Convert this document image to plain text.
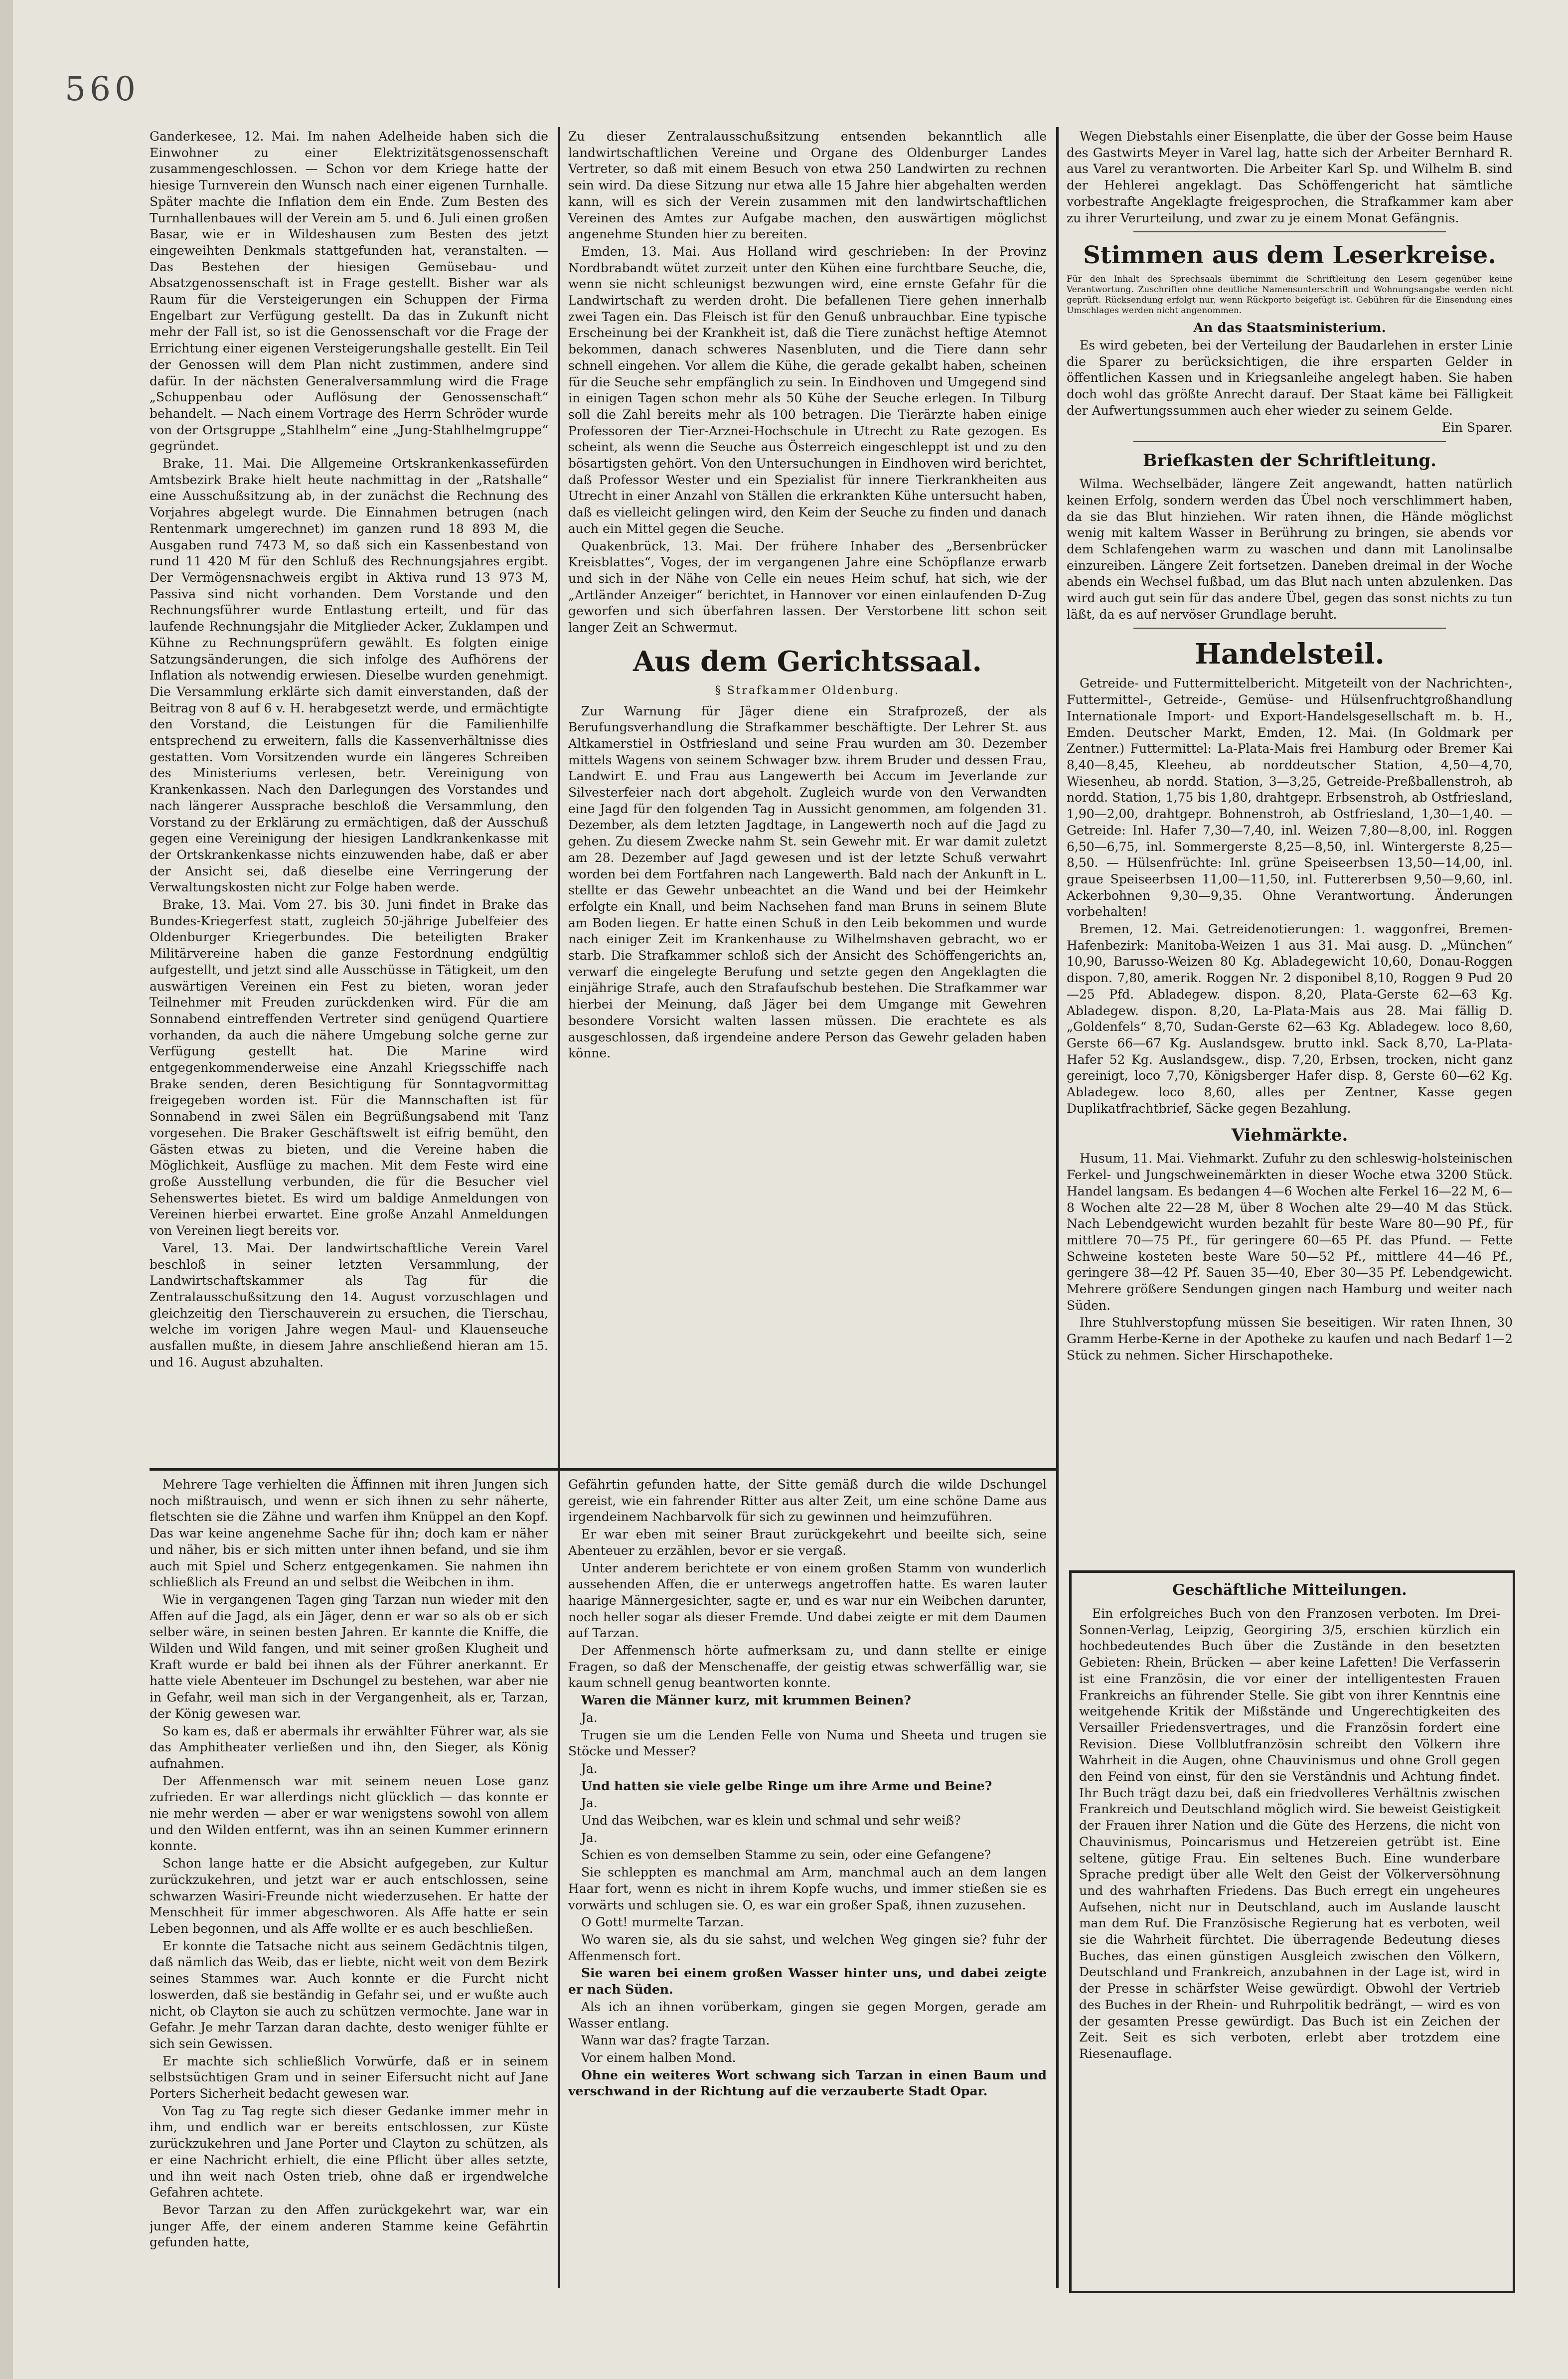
560

Ganderkesee, 12. Mai. Im nahen Adelheide haben sich die Einwohner zu einer Elektrizitätsgenossenschaft zusammengeschlossen. — Schon vor dem Kriege hatte der hiesige Turnverein den Wunsch nach einer eigenen Turnhalle. Später machte die Inflation dem ein Ende. Zum Besten des Turnhallenbaues will der Verein am 5. und 6. Juli einen großen Basar, wie er in Wildeshausen zum Besten des jetzt eingeweihten Denkmals stattgefunden hat, veranstalten. — Das Bestehen der hiesigen Gemüsebau- und Absatzgenossenschaft ist in Frage gestellt. Bisher war als Raum für die Versteigerungen ein Schuppen der Firma Engelbart zur Verfügung gestellt. Da das in Zukunft nicht mehr der Fall ist, so ist die Genossenschaft vor die Frage der Errichtung einer eigenen Versteigerungshalle gestellt. Ein Teil der Genossen will dem Plan nicht zustimmen, andere sind dafür. In der nächsten Generalversammlung wird die Frage „Schuppenbau oder Auflösung der Genossenschaft“ behandelt. — Nach einem Vortrage des Herrn Schröder wurde von der Ortsgruppe „Stahlhelm“ eine „Jung-Stahlhelmgruppe“ gegründet.

Brake, 11. Mai. Die Allgemeine Ortskrankenkassefürden Amtsbezirk Brake hielt heute nachmittag in der „Ratshalle“ eine Ausschußsitzung ab, in der zunächst die Rechnung des Vorjahres abgelegt wurde. Die Einnahmen betrugen (nach Rentenmark umgerechnet) im ganzen rund 18 893 M, die Ausgaben rund 7473 M, so daß sich ein Kassenbestand von rund 11 420 M für den Schluß des Rechnungsjahres ergibt. Der Vermögensnachweis ergibt in Aktiva rund 13 973 M, Passiva sind nicht vorhanden. Dem Vorstande und den Rechnungsführer wurde Entlastung erteilt, und für das laufende Rechnungsjahr die Mitglieder Acker, Zuklampen und Kühne zu Rechnungsprüfern gewählt. Es folgten einige Satzungsänderungen, die sich infolge des Aufhörens der Inflation als notwendig erwiesen. Dieselbe wurden genehmigt. Die Versammlung erklärte sich damit einverstanden, daß der Beitrag von 8 auf 6 v. H. herabgesetzt werde, und ermächtigte den Vorstand, die Leistungen für die Familienhilfe entsprechend zu erweitern, falls die Kassenverhältnisse dies gestatten. Vom Vorsitzenden wurde ein längeres Schreiben des Ministeriums verlesen, betr. Vereinigung von Krankenkassen. Nach den Darlegungen des Vorstandes und nach längerer Aussprache beschloß die Versammlung, den Vorstand zu der Erklärung zu ermächtigen, daß der Ausschuß gegen eine Vereinigung der hiesigen Landkrankenkasse mit der Ortskrankenkasse nichts einzuwenden habe, daß er aber der Ansicht sei, daß dieselbe eine Verringerung der Verwaltungskosten nicht zur Folge haben werde.

Brake, 13. Mai. Vom 27. bis 30. Juni findet in Brake das Bundes-Kriegerfest statt, zugleich 50-jährige Jubelfeier des Oldenburger Kriegerbundes. Die beteiligten Braker Militärvereine haben die ganze Festordnung endgültig aufgestellt, und jetzt sind alle Ausschüsse in Tätigkeit, um den auswärtigen Vereinen ein Fest zu bieten, woran jeder Teilnehmer mit Freuden zurückdenken wird. Für die am Sonnabend eintreffenden Vertreter sind genügend Quartiere vorhanden, da auch die nähere Umgebung solche gerne zur Verfügung gestellt hat. Die Marine wird entgegenkommenderweise eine Anzahl Kriegsschiffe nach Brake senden, deren Besichtigung für Sonntagvormittag freigegeben worden ist. Für die Mannschaften ist für Sonnabend in zwei Sälen ein Begrüßungsabend mit Tanz vorgesehen. Die Braker Geschäftswelt ist eifrig bemüht, den Gästen etwas zu bieten, und die Vereine haben die Möglichkeit, Ausflüge zu machen. Mit dem Feste wird eine große Ausstellung verbunden, die für die Besucher viel Sehenswertes bietet. Es wird um baldige Anmeldungen von Vereinen hierbei erwartet. Eine große Anzahl Anmeldungen von Vereinen liegt bereits vor.

Varel, 13. Mai. Der landwirtschaftliche Verein Varel beschloß in seiner letzten Versammlung, der Landwirtschaftskammer als Tag für die Zentralausschußsitzung den 14. August vorzuschlagen und gleichzeitig den Tierschauverein zu ersuchen, die Tierschau, welche im vorigen Jahre wegen Maul- und Klauenseuche ausfallen mußte, in diesem Jahre anschließend hieran am 15. und 16. August abzuhalten.

Zu dieser Zentralausschußsitzung entsenden bekanntlich alle landwirtschaftlichen Vereine und Organe des Oldenburger Landes Vertreter, so daß mit einem Besuch von etwa 250 Landwirten zu rechnen sein wird. Da diese Sitzung nur etwa alle 15 Jahre hier abgehalten werden kann, will es sich der Verein zusammen mit den landwirtschaftlichen Vereinen des Amtes zur Aufgabe machen, den auswärtigen möglichst angenehme Stunden hier zu bereiten.

Emden, 13. Mai. Aus Holland wird geschrieben: In der Provinz Nordbrabandt wütet zurzeit unter den Kühen eine furchtbare Seuche, die, wenn sie nicht schleunigst bezwungen wird, eine ernste Gefahr für die Landwirtschaft zu werden droht. Die befallenen Tiere gehen innerhalb zwei Tagen ein. Das Fleisch ist für den Genuß unbrauchbar. Eine typische Erscheinung bei der Krankheit ist, daß die Tiere zunächst heftige Atemnot bekommen, danach schweres Nasenbluten, und die Tiere dann sehr schnell eingehen. Vor allem die Kühe, die gerade gekalbt haben, scheinen für die Seuche sehr empfänglich zu sein. In Eindhoven und Umgegend sind in einigen Tagen schon mehr als 50 Kühe der Seuche erlegen. In Tilburg soll die Zahl bereits mehr als 100 betragen. Die Tierärzte haben einige Professoren der Tier-Arznei-Hochschule in Utrecht zu Rate gezogen. Es scheint, als wenn die Seuche aus Österreich eingeschleppt ist und zu den bösartigsten gehört. Von den Untersuchungen in Eindhoven wird berichtet, daß Professor Wester und ein Spezialist für innere Tierkrankheiten aus Utrecht in einer Anzahl von Ställen die erkrankten Kühe untersucht haben, daß es vielleicht gelingen wird, den Keim der Seuche zu finden und danach auch ein Mittel gegen die Seuche.

Quakenbrück, 13. Mai. Der frühere Inhaber des „Bersenbrücker Kreisblattes“, Voges, der im vergangenen Jahre eine Schöpflanze erwarb und sich in der Nähe von Celle ein neues Heim schuf, hat sich, wie der „Artländer Anzeiger“ berichtet, in Hannover vor einen einlaufenden D-Zug geworfen und sich überfahren lassen. Der Verstorbene litt schon seit langer Zeit an Schwermut.

Aus dem Gerichtssaal.

§ Strafkammer Oldenburg.

Zur Warnung für Jäger diene ein Strafprozeß, der als Berufungsverhandlung die Strafkammer beschäftigte. Der Lehrer St. aus Altkamerstiel in Ostfriesland und seine Frau wurden am 30. Dezember mittels Wagens von seinem Schwager bzw. ihrem Bruder und dessen Frau, Landwirt E. und Frau aus Langewerth bei Accum im Jeverlande zur Silvesterfeier nach dort abgeholt. Zugleich wurde von den Verwandten eine Jagd für den folgenden Tag in Aussicht genommen, am folgenden 31. Dezember, als dem letzten Jagdtage, in Langewerth noch auf die Jagd zu gehen. Zu diesem Zwecke nahm St. sein Gewehr mit. Er war damit zuletzt am 28. Dezember auf Jagd gewesen und ist der letzte Schuß verwahrt worden bei dem Fortfahren nach Langewerth. Bald nach der Ankunft in L. stellte er das Gewehr unbeachtet an die Wand und bei der Heimkehr erfolgte ein Knall, und beim Nachsehen fand man Bruns in seinem Blute am Boden liegen. Er hatte einen Schuß in den Leib bekommen und wurde nach einiger Zeit im Krankenhause zu Wilhelmshaven gebracht, wo er starb. Die Strafkammer schloß sich der Ansicht des Schöffengerichts an, verwarf die eingelegte Berufung und setzte gegen den Angeklagten die einjährige Strafe, auch den Strafaufschub bestehen. Die Strafkammer war hierbei der Meinung, daß Jäger bei dem Umgange mit Gewehren besondere Vorsicht walten lassen müssen. Die erachtete es als ausgeschlossen, daß irgendeine andere Person das Gewehr geladen haben könne.

Wegen Diebstahls einer Eisenplatte, die über der Gosse beim Hause des Gastwirts Meyer in Varel lag, hatte sich der Arbeiter Bernhard R. aus Varel zu verantworten. Die Arbeiter Karl Sp. und Wilhelm B. sind der Hehlerei angeklagt. Das Schöffengericht hat sämtliche vorbestrafte Angeklagte freigesprochen, die Strafkammer kam aber zu ihrer Verurteilung, und zwar zu je einem Monat Gefängnis.

Stimmen aus dem Leserkreise.
Für den Inhalt des Sprechsaals übernimmt die Schriftleitung den Lesern gegenüber keine Verantwortung. Zuschriften ohne deutliche Namensunterschrift und Wohnungsangabe werden nicht geprüft. Rücksendung erfolgt nur, wenn Rückporto beigefügt ist. Gebühren für die Einsendung eines Umschlages werden nicht angenommen.

An das Staatsministerium.

Es wird gebeten, bei der Verteilung der Baudarlehen in erster Linie die Sparer zu berücksichtigen, die ihre ersparten Gelder in öffentlichen Kassen und in Kriegsanleihe angelegt haben. Sie haben doch wohl das größte Anrecht darauf. Der Staat käme bei Fälligkeit der Aufwertungssummen auch eher wieder zu seinem Gelde.

Ein Sparer.

Briefkasten der Schriftleitung.

Wilma. Wechselbäder, längere Zeit angewandt, hatten natürlich keinen Erfolg, sondern werden das Übel noch verschlimmert haben, da sie das Blut hinziehen. Wir raten ihnen, die Hände möglichst wenig mit kaltem Wasser in Berührung zu bringen, sie abends vor dem Schlafengehen warm zu waschen und dann mit Lanolinsalbe einzureiben. Längere Zeit fortsetzen. Daneben dreimal in der Woche abends ein Wechsel fußbad, um das Blut nach unten abzulenken. Das wird auch gut sein für das andere Übel, gegen das sonst nichts zu tun läßt, da es auf nervöser Grundlage beruht.

Handelsteil.

Getreide- und Futtermittelbericht. Mitgeteilt von der Nachrichten-, Futtermittel-, Getreide-, Gemüse- und Hülsenfruchtgroßhandlung Internationale Import- und Export-Handelsgesellschaft m. b. H., Emden. Deutscher Markt, Emden, 12. Mai. (In Goldmark per Zentner.) Futtermittel: La-Plata-Mais frei Hamburg oder Bremer Kai 8,40—8,45, Kleeheu, ab norddeutscher Station, 4,50—4,70, Wiesenheu, ab nordd. Station, 3—3,25, Getreide-Preßballenstroh, ab nordd. Station, 1,75 bis 1,80, drahtgepr. Erbsenstroh, ab Ostfriesland, 1,90—2,00, drahtgepr. Bohnenstroh, ab Ostfriesland, 1,30—1,40. — Getreide: Inl. Hafer 7,30—7,40, inl. Weizen 7,80—8,00, inl. Roggen 6,50—6,75, inl. Sommergerste 8,25—8,50, inl. Wintergerste 8,25—8,50. — Hülsenfrüchte: Inl. grüne Speiseerbsen 13,50—14,00, inl. graue Speiseerbsen 11,00—11,50, inl. Futtererbsen 9,50—9,60, inl. Ackerbohnen 9,30—9,35. Ohne Verantwortung. Änderungen vorbehalten!

Bremen, 12. Mai. Getreidenotierungen: 1. waggonfrei, Bremen-Hafenbezirk: Manitoba-Weizen 1 aus 31. Mai ausg. D. „München“ 10,90, Barusso-Weizen 80 Kg. Abladegewicht 10,60, Donau-Roggen dispon. 7,80, amerik. Roggen Nr. 2 disponibel 8,10, Roggen 9 Pud 20—25 Pfd. Abladegew. dispon. 8,20, Plata-Gerste 62—63 Kg. Abladegew. dispon. 8,20, La-Plata-Mais aus 28. Mai fällig D. „Goldenfels“ 8,70, Sudan-Gerste 62—63 Kg. Abladegew. loco 8,60, Gerste 66—67 Kg. Auslandsgew. brutto inkl. Sack 8,70, La-Plata-Hafer 52 Kg. Auslandsgew., disp. 7,20, Erbsen, trocken, nicht ganz gereinigt, loco 7,70, Königsberger Hafer disp. 8, Gerste 60—62 Kg. Abladegew. loco 8,60, alles per Zentner, Kasse gegen Duplikatfrachtbrief, Säcke gegen Bezahlung.

Viehmärkte.

Husum, 11. Mai. Viehmarkt. Zufuhr zu den schleswig-holsteinischen Ferkel- und Jungschweinemärkten in dieser Woche etwa 3200 Stück. Handel langsam. Es bedangen 4—6 Wochen alte Ferkel 16—22 M, 6—8 Wochen alte 22—28 M, über 8 Wochen alte 29—40 M das Stück. Nach Lebendgewicht wurden bezahlt für beste Ware 80—90 Pf., für mittlere 70—75 Pf., für geringere 60—65 Pf. das Pfund. — Fette Schweine kosteten beste Ware 50—52 Pf., mittlere 44—46 Pf., geringere 38—42 Pf. Sauen 35—40, Eber 30—35 Pf. Lebendgewicht. Mehrere größere Sendungen gingen nach Hamburg und weiter nach Süden.

Ihre Stuhlverstopfung müssen Sie beseitigen. Wir raten Ihnen, 30 Gramm Herbe-Kerne in der Apotheke zu kaufen und nach Bedarf 1—2 Stück zu nehmen. Sicher Hirschapotheke.

Geschäftliche Mitteilungen.

Ein erfolgreiches Buch von den Franzosen verboten. Im Drei-Sonnen-Verlag, Leipzig, Georgiring 3/5, erschien kürzlich ein hochbedeutendes Buch über die Zustände in den besetzten Gebieten: Rhein, Brücken — aber keine Lafetten! Die Verfasserin ist eine Französin, die vor einer der intelligentesten Frauen Frankreichs an führender Stelle. Sie gibt von ihrer Kenntnis eine weitgehende Kritik der Mißstände und Ungerechtigkeiten des Versailler Friedensvertrages, und die Französin fordert eine Revision. Diese Vollblutfranzösin schreibt den Völkern ihre Wahrheit in die Augen, ohne Chauvinismus und ohne Groll gegen den Feind von einst, für den sie Verständnis und Achtung findet. Ihr Buch trägt dazu bei, daß ein friedvolleres Verhältnis zwischen Frankreich und Deutschland möglich wird. Sie beweist Geistigkeit der Frauen ihrer Nation und die Güte des Herzens, die nicht von Chauvinismus, Poincarismus und Hetzereien getrübt ist. Eine seltene, gütige Frau. Ein seltenes Buch. Eine wunderbare Sprache predigt über alle Welt den Geist der Völkerversöhnung und des wahrhaften Friedens. Das Buch erregt ein ungeheures Aufsehen, nicht nur in Deutschland, auch im Auslande lauscht man dem Ruf. Die Französische Regierung hat es verboten, weil sie die Wahrheit fürchtet. Die überragende Bedeutung dieses Buches, das einen günstigen Ausgleich zwischen den Völkern, Deutschland und Frankreich, anzubahnen in der Lage ist, wird in der Presse in schärfster Weise gewürdigt. Obwohl der Vertrieb des Buches in der Rhein- und Ruhrpolitik bedrängt, — wird es von der gesamten Presse gewürdigt. Das Buch ist ein Zeichen der Zeit. Seit es sich verboten, erlebt aber trotzdem eine Riesenauflage.

Mehrere Tage verhielten die Äffinnen mit ihren Jungen sich noch mißtrauisch, und wenn er sich ihnen zu sehr näherte, fletschten sie die Zähne und warfen ihm Knüppel an den Kopf. Das war keine angenehme Sache für ihn; doch kam er näher und näher, bis er sich mitten unter ihnen befand, und sie ihm auch mit Spiel und Scherz entgegenkamen. Sie nahmen ihn schließlich als Freund an und selbst die Weibchen in ihm.

Wie in vergangenen Tagen ging Tarzan nun wieder mit den Affen auf die Jagd, als ein Jäger, denn er war so als ob er sich selber wäre, in seinen besten Jahren. Er kannte die Kniffe, die Wilden und Wild fangen, und mit seiner großen Klugheit und Kraft wurde er bald bei ihnen als der Führer anerkannt. Er hatte viele Abenteuer im Dschungel zu bestehen, war aber nie in Gefahr, weil man sich in der Vergangenheit, als er, Tarzan, der König gewesen war.

So kam es, daß er abermals ihr erwählter Führer war, als sie das Amphitheater verließen und ihn, den Sieger, als König aufnahmen.

Der Affenmensch war mit seinem neuen Lose ganz zufrieden. Er war allerdings nicht glücklich — das konnte er nie mehr werden — aber er war wenigstens sowohl von allem und den Wilden entfernt, was ihn an seinen Kummer erinnern konnte.

Schon lange hatte er die Absicht aufgegeben, zur Kultur zurückzukehren, und jetzt war er auch entschlossen, seine schwarzen Wasiri-Freunde nicht wiederzusehen. Er hatte der Menschheit für immer abgeschworen. Als Affe hatte er sein Leben begonnen, und als Affe wollte er es auch beschließen.

Er konnte die Tatsache nicht aus seinem Gedächtnis tilgen, daß nämlich das Weib, das er liebte, nicht weit von dem Bezirk seines Stammes war. Auch konnte er die Furcht nicht loswerden, daß sie beständig in Gefahr sei, und er wußte auch nicht, ob Clayton sie auch zu schützen vermochte. Jane war in Gefahr. Je mehr Tarzan daran dachte, desto weniger fühlte er sich sein Gewissen.

Er machte sich schließlich Vorwürfe, daß er in seinem selbstsüchtigen Gram und in seiner Eifersucht nicht auf Jane Porters Sicherheit bedacht gewesen war.

Von Tag zu Tag regte sich dieser Gedanke immer mehr in ihm, und endlich war er bereits entschlossen, zur Küste zurückzukehren und Jane Porter und Clayton zu schützen, als er eine Nachricht erhielt, die eine Pflicht über alles setzte, und ihn weit nach Osten trieb, ohne daß er irgendwelche Gefahren achtete.

Bevor Tarzan zu den Affen zurückgekehrt war, war ein junger Affe, der einem anderen Stamme keine Gefährtin gefunden hatte,

Gefährtin gefunden hatte, der Sitte gemäß durch die wilde Dschungel gereist, wie ein fahrender Ritter aus alter Zeit, um eine schöne Dame aus irgendeinem Nachbarvolk für sich zu gewinnen und heimzuführen.

Er war eben mit seiner Braut zurückgekehrt und beeilte sich, seine Abenteuer zu erzählen, bevor er sie vergaß.

Unter anderem berichtete er von einem großen Stamm von wunderlich aussehenden Affen, die er unterwegs angetroffen hatte. Es waren lauter haarige Männergesichter, sagte er, und es war nur ein Weibchen darunter, noch heller sogar als dieser Fremde. Und dabei zeigte er mit dem Daumen auf Tarzan.

Der Affenmensch hörte aufmerksam zu, und dann stellte er einige Fragen, so daß der Menschenaffe, der geistig etwas schwerfällig war, sie kaum schnell genug beantworten konnte.

Waren die Männer kurz, mit krummen Beinen?

Ja.

Trugen sie um die Lenden Felle von Numa und Sheeta und trugen sie Stöcke und Messer?

Ja.

Und hatten sie viele gelbe Ringe um ihre Arme und Beine?

Ja.

Und das Weibchen, war es klein und schmal und sehr weiß?

Ja.

Schien es von demselben Stamme zu sein, oder eine Gefangene?

Sie schleppten es manchmal am Arm, manchmal auch an dem langen Haar fort, wenn es nicht in ihrem Kopfe wuchs, und immer stießen sie es vorwärts und schlugen sie. O, es war ein großer Spaß, ihnen zuzusehen.

O Gott! murmelte Tarzan.

Wo waren sie, als du sie sahst, und welchen Weg gingen sie? fuhr der Affenmensch fort.

Sie waren bei einem großen Wasser hinter uns, und dabei zeigte er nach Süden.

Als ich an ihnen vorüberkam, gingen sie gegen Morgen, gerade am Wasser entlang.

Wann war das? fragte Tarzan.

Vor einem halben Mond.

Ohne ein weiteres Wort schwang sich Tarzan in einen Baum und verschwand in der Richtung auf die verzauberte Stadt Opar.
